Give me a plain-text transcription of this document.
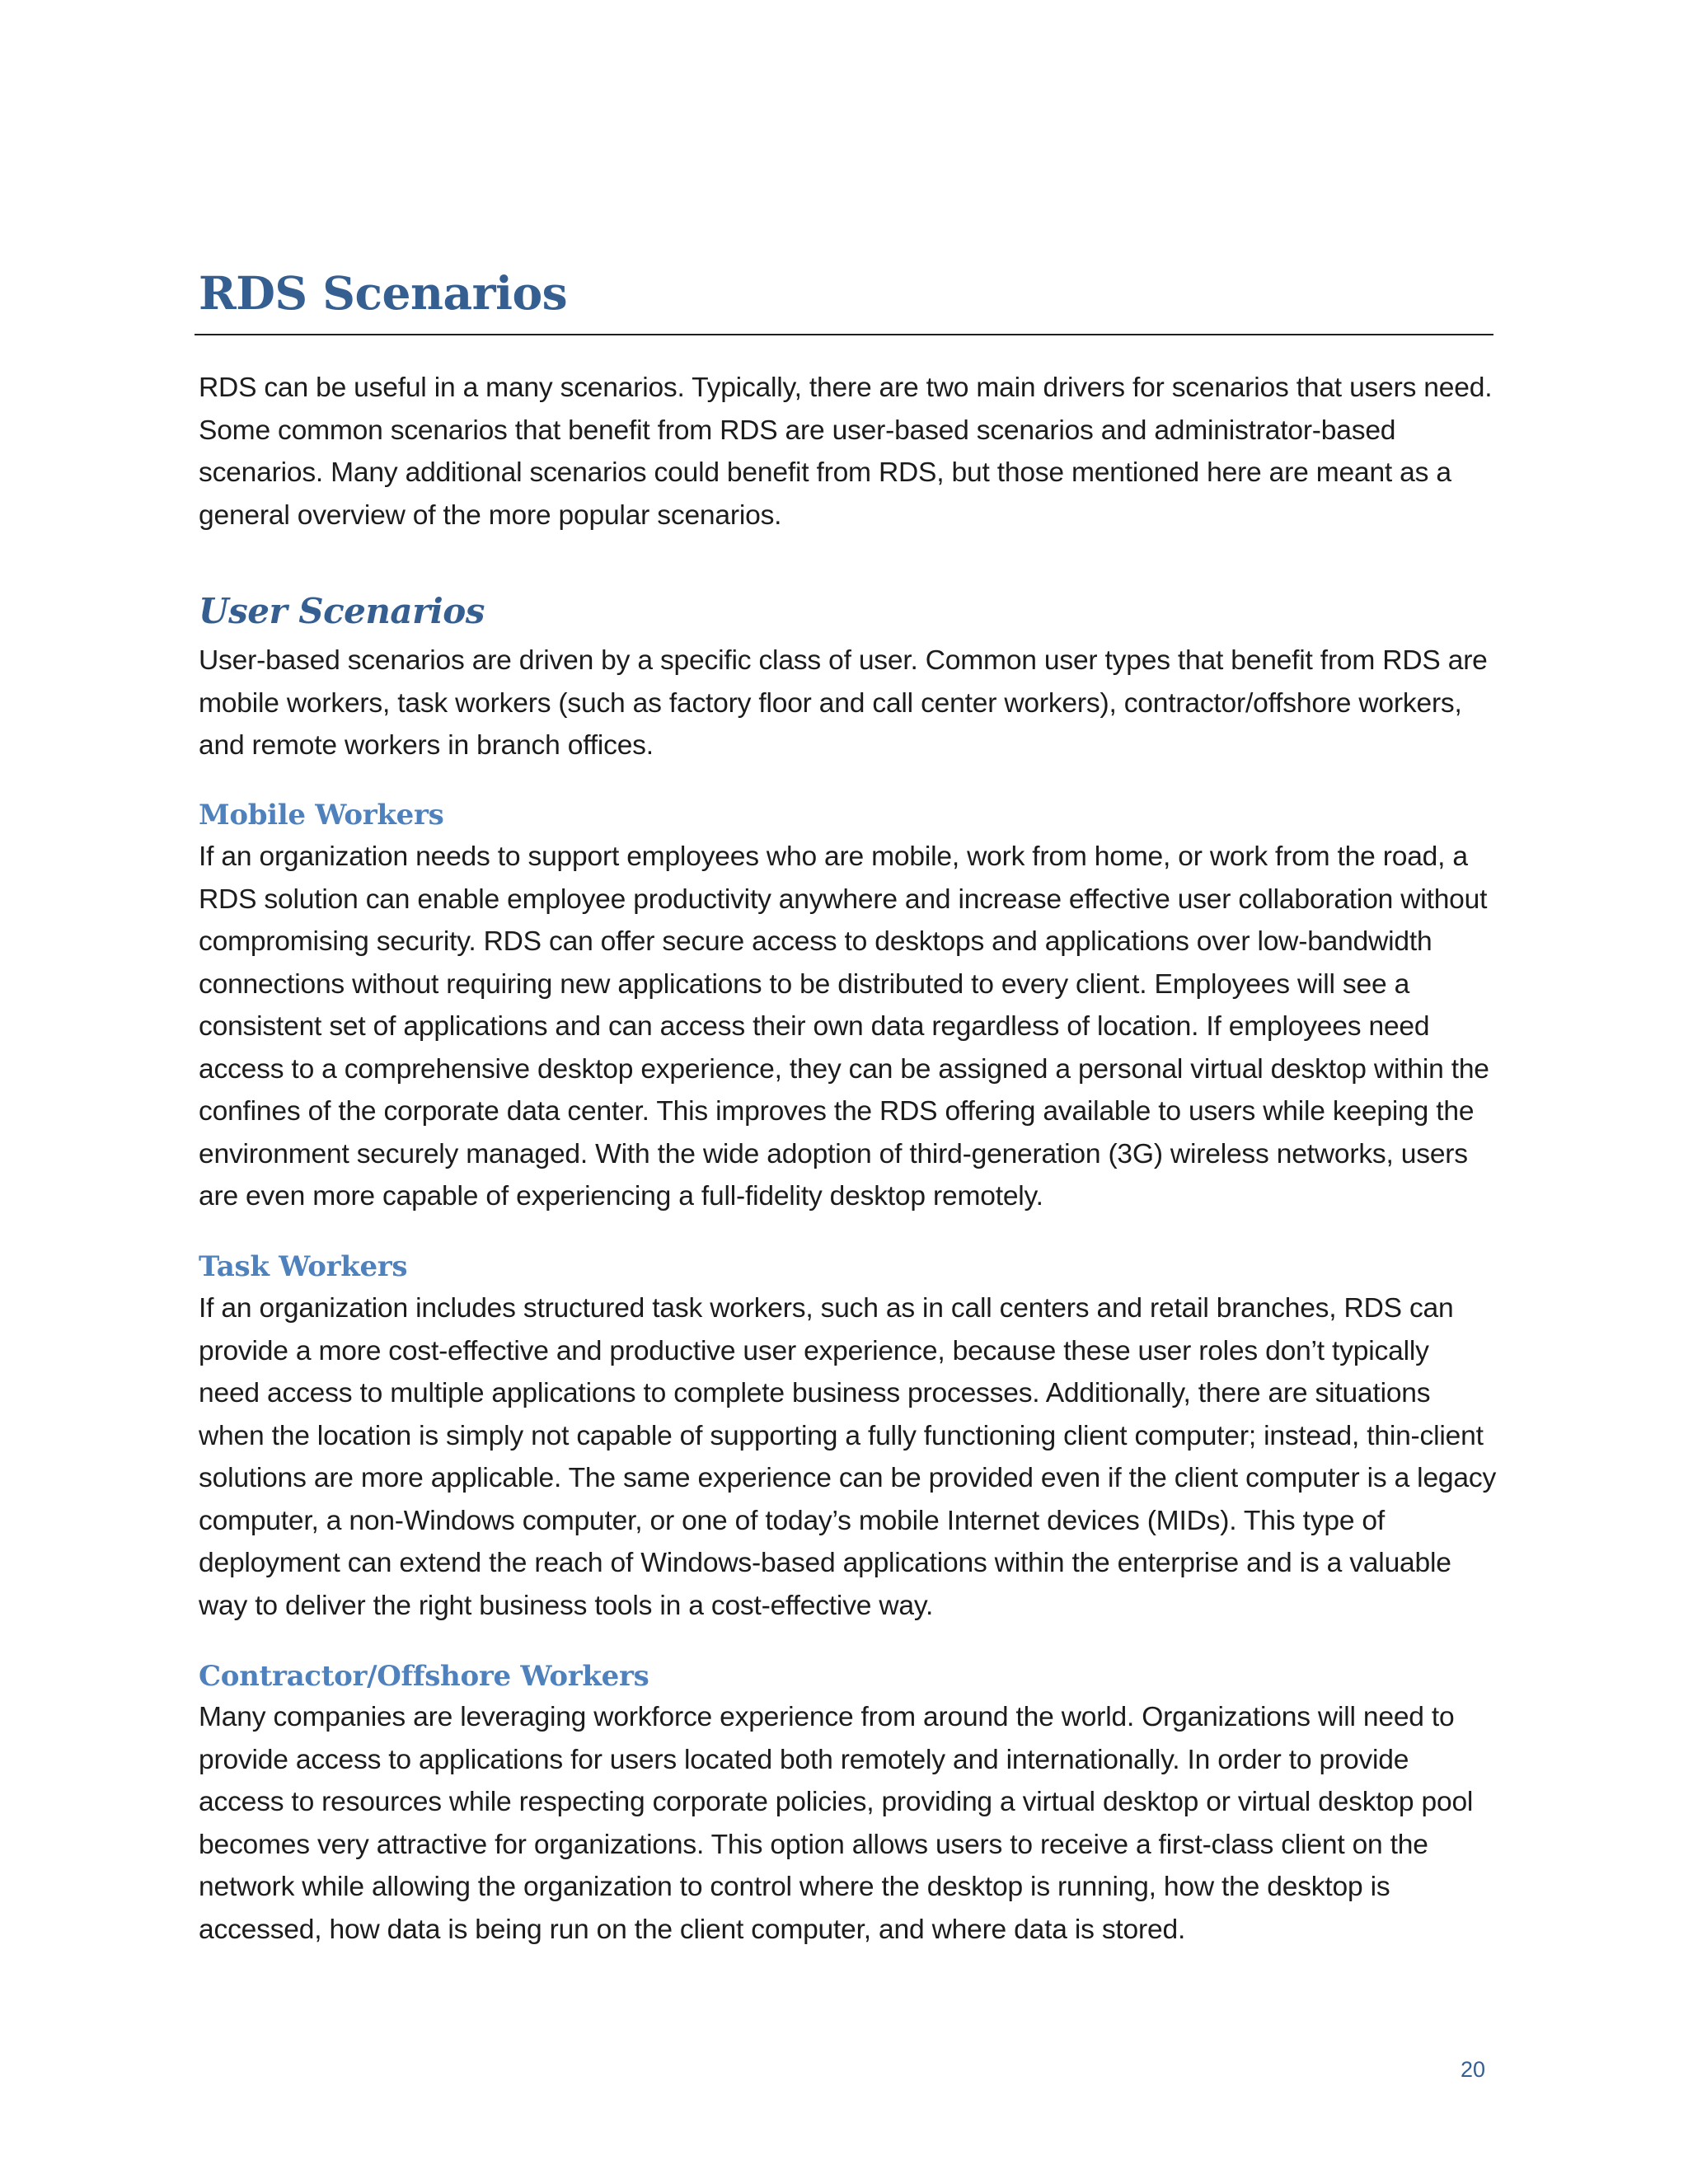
RDS Scenarios

RDS can be useful in a many scenarios. Typically, there are two main drivers for scenarios that users need. Some common scenarios that benefit from RDS are user-based scenarios and administrator-based scenarios. Many additional scenarios could benefit from RDS, but those mentioned here are meant as a general overview of the more popular scenarios.

User Scenarios

User-based scenarios are driven by a specific class of user. Common user types that benefit from RDS are mobile workers, task workers (such as factory floor and call center workers), contractor/offshore workers, and remote workers in branch offices.

Mobile Workers

If an organization needs to support employees who are mobile, work from home, or work from the road, a RDS solution can enable employee productivity anywhere and increase effective user collaboration without compromising security. RDS can offer secure access to desktops and applications over low-bandwidth connections without requiring new applications to be distributed to every client. Employees will see a consistent set of applications and can access their own data regardless of location. If employees need access to a comprehensive desktop experience, they can be assigned a personal virtual desktop within the confines of the corporate data center. This improves the RDS offering available to users while keeping the environment securely managed. With the wide adoption of third-generation (3G) wireless networks, users are even more capable of experiencing a full-fidelity desktop remotely.

Task Workers

If an organization includes structured task workers, such as in call centers and retail branches, RDS can provide a more cost-effective and productive user experience, because these user roles don’t typically need access to multiple applications to complete business processes. Additionally, there are situations when the location is simply not capable of supporting a fully functioning client computer; instead, thin-client solutions are more applicable. The same experience can be provided even if the client computer is a legacy computer, a non-Windows computer, or one of today’s mobile Internet devices (MIDs). This type of deployment can extend the reach of Windows-based applications within the enterprise and is a valuable way to deliver the right business tools in a cost-effective way.

Contractor/Offshore Workers

Many companies are leveraging workforce experience from around the world. Organizations will need to provide access to applications for users located both remotely and internationally. In order to provide access to resources while respecting corporate policies, providing a virtual desktop or virtual desktop pool becomes very attractive for organizations. This option allows users to receive a first-class client on the network while allowing the organization to control where the desktop is running, how the desktop is accessed, how data is being run on the client computer, and where data is stored.

20
